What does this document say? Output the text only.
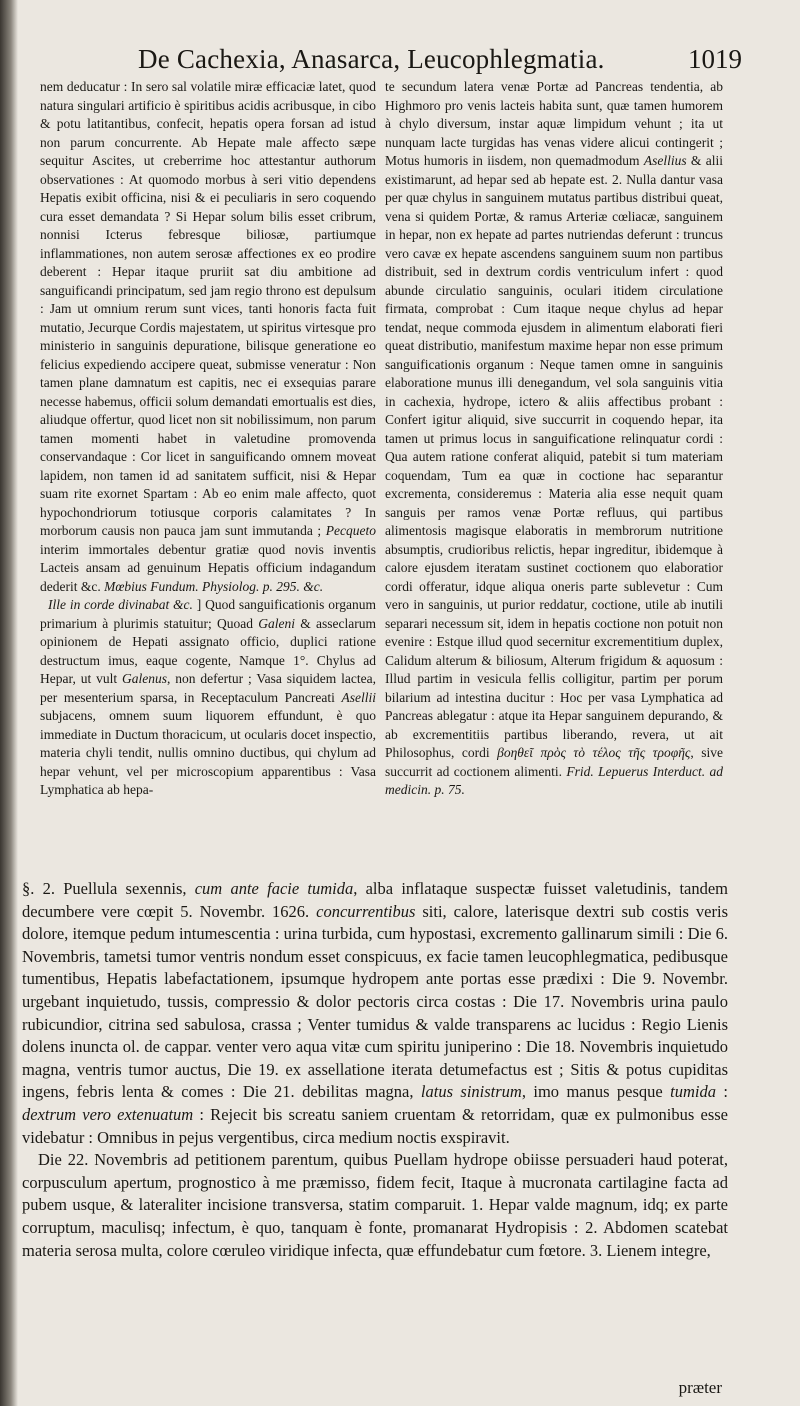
De Cachexia, Anasarca, Leucophlegmatia.	1019

nem deducatur : In sero sal volatile miræ efficaciæ latet, quod natura singulari artificio è spiritibus acidis acribusque, in cibo & potu latitantibus, confecit, hepatis opera forsan ad istud non parum concurrente. Ab Hepate male affecto sæpe sequitur Ascites, ut creberrime hoc attestantur authorum observationes : At quomodo morbus à seri vitio dependens Hepatis exibit officina, nisi & ei peculiaris in sero coquendo cura esset demandata ? Si Hepar solum bilis esset cribrum, nonnisi Icterus febresque biliosæ, partiumque inflammationes, non autem serosæ affectiones ex eo prodire deberent : Hepar itaque pruriit sat diu ambitione ad sanguificandi principatum, sed jam regio throno est depulsum : Jam ut omnium rerum sunt vices, tanti honoris facta fuit mutatio, Jecurque Cordis majestatem, ut spiritus virtesque pro ministerio in sanguinis depuratione, bilisque generatione eo felicius expediendo accipere queat, submisse veneratur : Non tamen plane damnatum est capitis, nec ei exsequias parare necesse habemus, officii solum demandati emortualis est dies, aliudque offertur, quod licet non sit nobilissimum, non parum tamen momenti habet in valetudine promovenda conservandaque : Cor licet in sanguificando omnem moveat lapidem, non tamen id ad sanitatem sufficit, nisi & Hepar suam rite exornet Spartam : Ab eo enim male affecto, quot hypochondriorum totiusque corporis calamitates ? In morborum causis non pauca jam sunt immutanda ; Pecqueto interim immortales debentur gratiæ quod novis inventis Lacteis ansam ad genuinum Hepatis officium indagandum dederit &c. Mœbius Fundum. Physiolog. p. 295. &c.

Ille in corde divinabat &c. ] Quod sanguificationis organum primarium à plurimis statuitur; Quoad Galeni & asseclarum opinionem de Hepati assignato officio, duplici ratione destructum imus, eaque cogente, Namque 1°. Chylus ad Hepar, ut vult Galenus, non defertur ; Vasa siquidem lactea, per mesenterium sparsa, in Receptaculum Pancreati Asellii subjacens, omnem suum liquorem effundunt, è quo immediate in Ductum thoracicum, ut ocularis docet inspectio, materia chyli tendit, nullis omnino ductibus, qui chylum ad hepar vehunt, vel per microscopium apparentibus : Vasa Lymphatica ab hepa-

te secundum latera venæ Portæ ad Pancreas tendentia, ab Highmoro pro venis lacteis habita sunt, quæ tamen humorem à chylo diversum, instar aquæ limpidum vehunt ; ita ut nunquam lacte turgidas has venas videre alicui contingerit ; Motus humoris in iisdem, non quemadmodum Asellius & alii existimarunt, ad hepar sed ab hepate est. 2. Nulla dantur vasa per quæ chylus in sanguinem mutatus partibus distribui queat, vena si quidem Portæ, & ramus Arteriæ cœliacæ, sanguinem in hepar, non ex hepate ad partes nutriendas deferunt : truncus vero cavæ ex hepate ascendens sanguinem suum non partibus distribuit, sed in dextrum cordis ventriculum infert : quod abunde circulatio sanguinis, oculari itidem circulatione firmata, comprobat : Cum itaque neque chylus ad hepar tendat, neque commoda ejusdem in alimentum elaborati fieri queat distributio, manifestum maxime hepar non esse primum sanguificationis organum : Neque tamen omne in sanguinis elaboratione munus illi denegandum, vel sola sanguinis vitia in cachexia, hydrope, ictero & aliis affectibus probant : Confert igitur aliquid, sive succurrit in coquendo hepar, ita tamen ut primus locus in sanguificatione relinquatur cordi : Qua autem ratione conferat aliquid, patebit si tum materiam coquendam, Tum ea quæ in coctione hac separantur excrementa, consideremus : Materia alia esse nequit quam sanguis per ramos venæ Portæ refluus, qui partibus alimentosis magisque elaboratis in membrorum nutritione absumptis, crudioribus relictis, hepar ingreditur, ibidemque à calore ejusdem iteratam sustinet coctionem quo elaboratior cordi offeratur, idque aliqua oneris parte sublevetur : Cum vero in sanguinis, ut purior reddatur, coctione, utile ab inutili separari necessum sit, idem in hepatis coctione non potuit non evenire : Estque illud quod secernitur excrementitium duplex, Calidum alterum & biliosum, Alterum frigidum & aquosum : Illud partim in vesicula fellis colligitur, partim per porum bilarium ad intestina ducitur : Hoc per vasa Lymphatica ad Pancreas ablegatur : atque ita Hepar sanguinem depurando, & ab excrementitiis partibus liberando, revera, ut ait Philosophus, cordi βοηθεῖ πρὸς τὸ τέλος τῆς τροφῆς, sive succurrit ad coctionem alimenti. Frid. Lepuerus Interduct. ad medicin. p. 75.

§. 2. Puellula sexennis, cum ante facie tumida, alba inflataque suspectæ fuisset valetudinis, tandem decumbere vere cœpit 5. Novembr. 1626. concurrentibus siti, calore, laterisque dextri sub costis veris dolore, itemque pedum intumescentia : urina turbida, cum hypostasi, excremento gallinarum simili : Die 6. Novembris, tametsi tumor ventris nondum esset conspicuus, ex facie tamen leucophlegmatica, pedibusque tumentibus, Hepatis labefactationem, ipsumque hydropem ante portas esse prædixi : Die 9. Novembr. urgebant inquietudo, tussis, compressio & dolor pectoris circa costas : Die 17. Novembris urina paulo rubicundior, citrina sed sabulosa, crassa ; Venter tumidus & valde transparens ac lucidus : Regio Lienis dolens inuncta ol. de cappar. venter vero aqua vitæ cum spiritu juniperino : Die 18. Novembris inquietudo magna, ventris tumor auctus, Die 19. ex assellatione iterata detumefactus est ; Sitis & potus cupiditas ingens, febris lenta & comes : Die 21. debilitas magna, latus sinistrum, imo manus pesque tumida : dextrum vero extenuatum : Rejecit bis screatu saniem cruentam & retorridam, quæ ex pulmonibus esse videbatur : Omnibus in pejus vergentibus, circa medium noctis exspiravit.

Die 22. Novembris ad petitionem parentum, quibus Puellam hydrope obiisse persuaderi haud poterat, corpusculum apertum, prognostico à me præmisso, fidem fecit, Itaque à mucronata cartilagine facta ad pubem usque, & lateraliter incisione transversa, statim comparuit. 1. Hepar valde magnum, idq; ex parte corruptum, maculisq; infectum, è quo, tanquam è fonte, promanarat Hydropisis : 2. Abdomen scatebat materia serosa multa, colore cœruleo viridique infecta, quæ effundebatur cum fœtore. 3. Lienem integre,

præter
